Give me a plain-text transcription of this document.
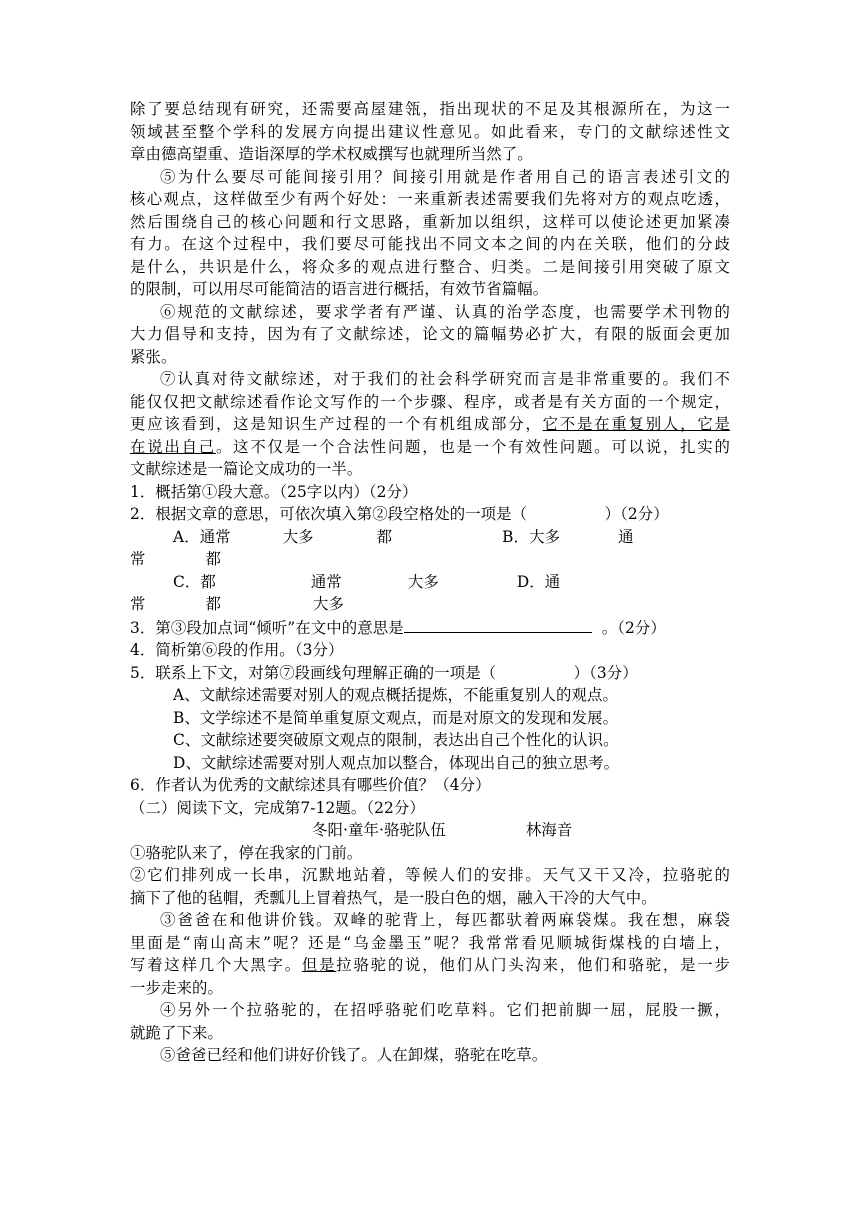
除了要总结现有研究，还需要高屋建瓴，指出现状的不足及其根源所在，为这一
领域甚至整个学科的发展方向提出建议性意见。如此看来，专门的文献综述性文
章由德高望重、造诣深厚的学术权威撰写也就理所当然了。
⑤为什么要尽可能间接引用？间接引用就是作者用自己的语言表述引文的
核心观点，这样做至少有两个好处：一来重新表述需要我们先将对方的观点吃透，
然后围绕自己的核心问题和行文思路，重新加以组织，这样可以使论述更加紧凑
有力。在这个过程中，我们要尽可能找出不同文本之间的内在关联，他们的分歧
是什么，共识是什么，将众多的观点进行整合、归类。二是间接引用突破了原文
的限制，可以用尽可能简洁的语言进行概括，有效节省篇幅。
⑥规范的文献综述，要求学者有严谨、认真的治学态度，也需要学术刊物的
大力倡导和支持，因为有了文献综述，论文的篇幅势必扩大，有限的版面会更加
紧张。
⑦认真对待文献综述，对于我们的社会科学研究而言是非常重要的。我们不
能仅仅把文献综述看作论文写作的一个步骤、程序，或者是有关方面的一个规定，
更应该看到，这是知识生产过程的一个有机组成部分，它不是在重复别人，它是
在说出自己。这不仅是一个合法性问题，也是一个有效性问题。可以说，扎实的
文献综述是一篇论文成功的一半。
1．概括第①段大意。（25字以内）（2分）
2．根据文章的意思，可依次填入第②段空格处的一项是（　　　　　）（2分）
A．通常	大多	都	B．大多	通
常	都
C．都	通常	大多	D．通
常	都	大多
3．第③段加点词“倾听”在文中的意思是	。（2分）
4．简析第⑥段的作用。（3分）
5．联系上下文，对第⑦段画线句理解正确的一项是（　　　　　）（3分）
A、文献综述需要对别人的观点概括提炼，不能重复别人的观点。
B、文学综述不是简单重复原文观点，而是对原文的发现和发展。
C、文献综述要突破原文观点的限制，表达出自己个性化的认识。
D、文献综述需要对别人观点加以整合，体现出自己的独立思考。
6．作者认为优秀的文献综述具有哪些价值？（4分）
（二）阅读下文，完成第7-12题。（22分）
冬阳·童年·骆驼队伍	林海音
①骆驼队来了，停在我家的门前。
②它们排列成一长串，沉默地站着，等候人们的安排。天气又干又冷，拉骆驼的
摘下了他的毡帽，秃瓢儿上冒着热气，是一股白色的烟，融入干冷的大气中。
③爸爸在和他讲价钱。双峰的驼背上，每匹都驮着两麻袋煤。我在想，麻袋
里面是“南山高末”呢？还是“乌金墨玉”呢？我常常看见顺城街煤栈的白墙上，
写着这样几个大黑字。但是拉骆驼的说，他们从门头沟来，他们和骆驼，是一步
一步走来的。
④另外一个拉骆驼的，在招呼骆驼们吃草料。它们把前脚一屈，屁股一撅，
就跪了下来。
⑤爸爸已经和他们讲好价钱了。人在卸煤，骆驼在吃草。
